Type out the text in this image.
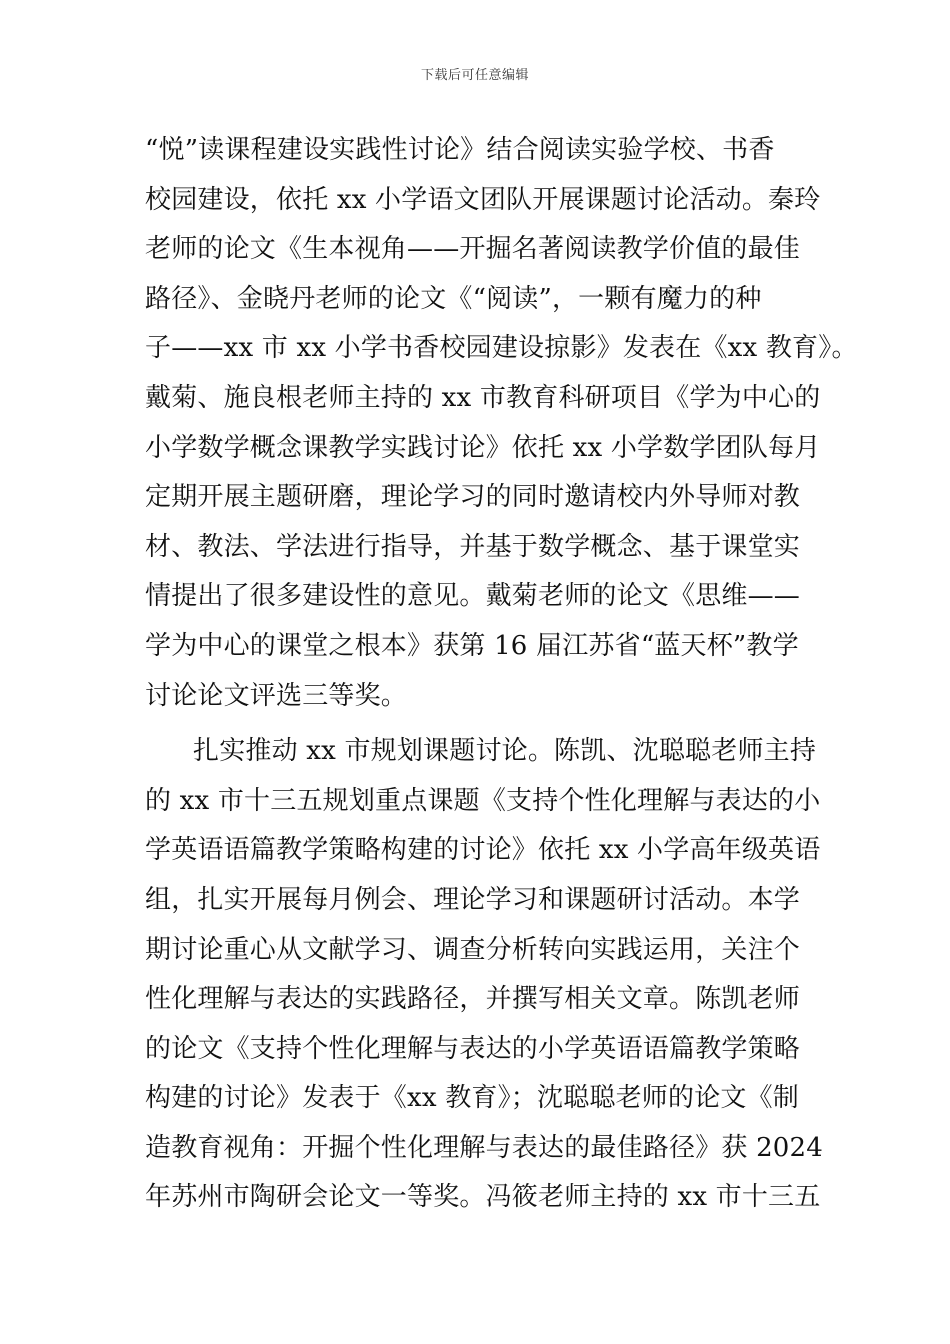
下载后可任意编辑
“悦”读课程建设实践性讨论》结合阅读实验学校、书香
校园建设，依托 xx 小学语文团队开展课题讨论活动。秦玲
老师的论文《生本视角——开掘名著阅读教学价值的最佳
路径》、金晓丹老师的论文《“阅读”，一颗有魔力的种
子——xx 市 xx 小学书香校园建设掠影》发表在《xx 教育》。
戴菊、施良根老师主持的 xx 市教育科研项目《学为中心的
小学数学概念课教学实践讨论》依托 xx 小学数学团队每月
定期开展主题研磨，理论学习的同时邀请校内外导师对教
材、教法、学法进行指导，并基于数学概念、基于课堂实
情提出了很多建设性的意见。戴菊老师的论文《思维——
学为中心的课堂之根本》获第 16 届江苏省“蓝天杯”教学
讨论论文评选三等奖。
扎实推动 xx 市规划课题讨论。陈凯、沈聪聪老师主持
的 xx 市十三五规划重点课题《支持个性化理解与表达的小
学英语语篇教学策略构建的讨论》依托 xx 小学高年级英语
组，扎实开展每月例会、理论学习和课题研讨活动。本学
期讨论重心从文献学习、调查分析转向实践运用，关注个
性化理解与表达的实践路径，并撰写相关文章。陈凯老师
的论文《支持个性化理解与表达的小学英语语篇教学策略
构建的讨论》发表于《xx 教育》；沈聪聪老师的论文《制
造教育视角：开掘个性化理解与表达的最佳路径》获 2024
年苏州市陶研会论文一等奖。冯筱老师主持的 xx 市十三五
